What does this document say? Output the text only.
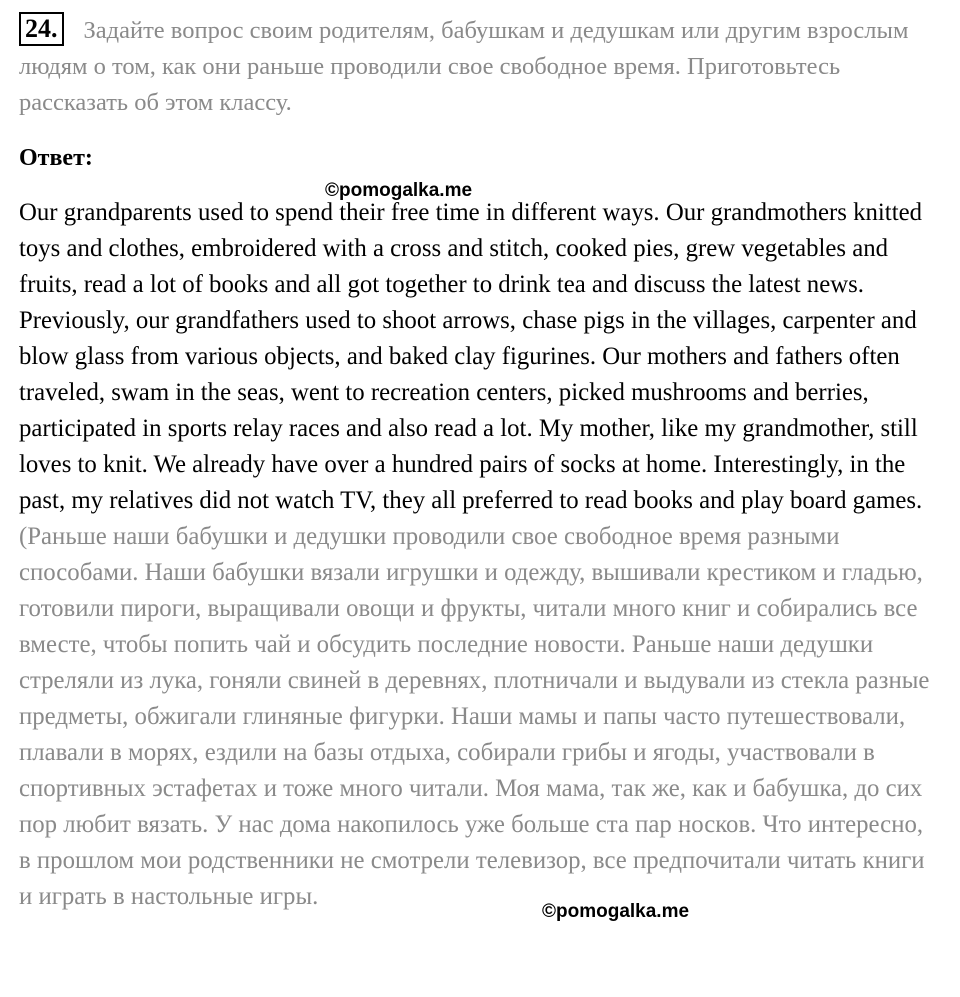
24. Задайте вопрос своим родителям, бабушкам и дедушкам или другим взрослым людям о том, как они раньше проводили свое свободное время. Приготовьтесь рассказать об этом классу.
Ответ:
©pomogalka.me
Our grandparents used to spend their free time in different ways. Our grandmothers knitted toys and clothes, embroidered with a cross and stitch, cooked pies, grew vegetables and fruits, read a lot of books and all got together to drink tea and discuss the latest news. Previously, our grandfathers used to shoot arrows, chase pigs in the villages, carpenter and blow glass from various objects, and baked clay figurines. Our mothers and fathers often traveled, swam in the seas, went to recreation centers, picked mushrooms and berries, participated in sports relay races and also read a lot. My mother, like my grandmother, still loves to knit. We already have over a hundred pairs of socks at home. Interestingly, in the past, my relatives did not watch TV, they all preferred to read books and play board games. (Раньше наши бабушки и дедушки проводили свое свободное время разными способами. Наши бабушки вязали игрушки и одежду, вышивали крестиком и гладью, готовили пироги, выращивали овощи и фрукты, читали много книг и собирались все вместе, чтобы попить чай и обсудить последние новости. Раньше наши дедушки стреляли из лука, гоняли свиней в деревнях, плотничали и выдували из стекла разные предметы, обжигали глиняные фигурки. Наши мамы и папы часто путешествовали, плавали в морях, ездили на базы отдыха, собирали грибы и ягоды, участвовали в спортивных эстафетах и тоже много читали. Моя мама, так же, как и бабушка, до сих пор любит вязать. У нас дома накопилось уже больше ста пар носков. Что интересно, в прошлом мои родственники не смотрели телевизор, все предпочитали читать книги и играть в настольные игры.
©pomogalka.me
